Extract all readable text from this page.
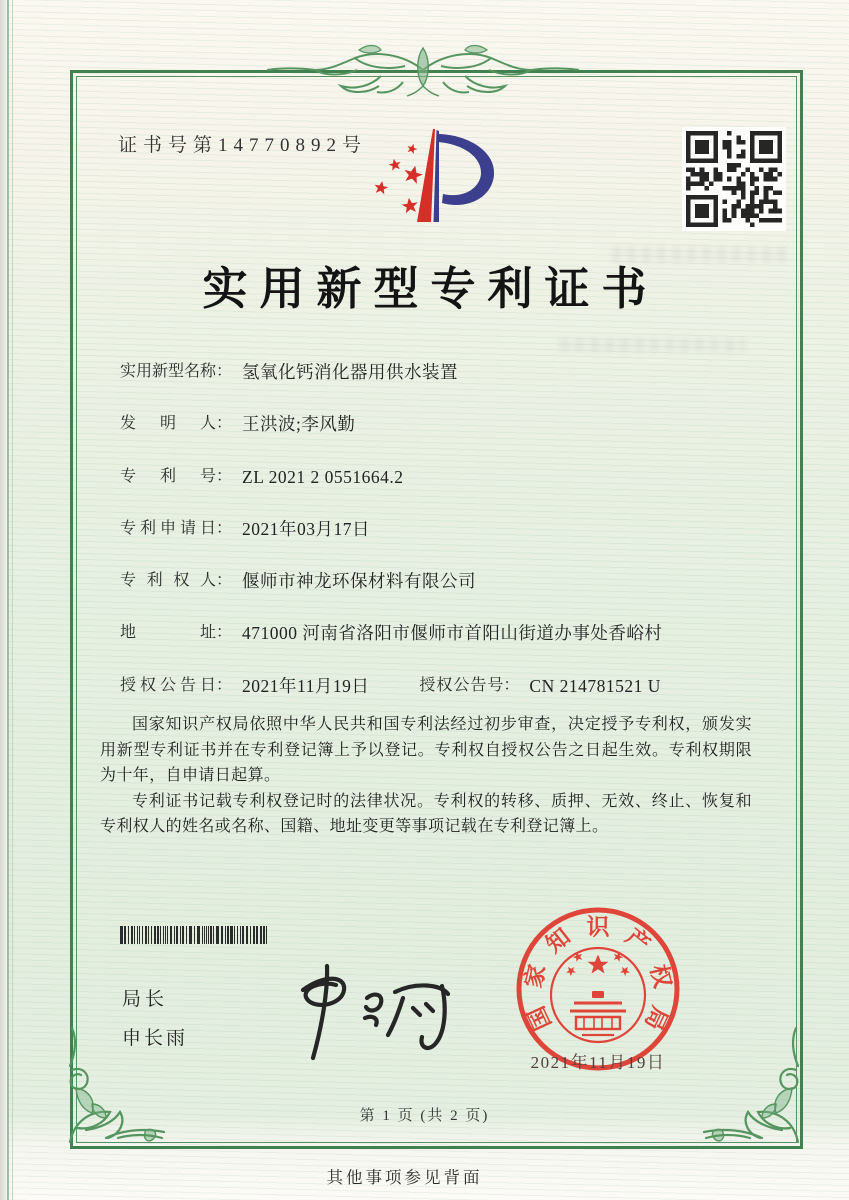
证书号第14770892号
实用新型专利证书
实用新型名称 ： 氢氧化钙消化器用供水装置
发明人 ： 王洪波;李风勤
专利号 ： ZL 2021 2 0551664.2
专利申请日 ： 2021年03月17日
专利权人 ： 偃师市神龙环保材料有限公司
地址 ： 471000 河南省洛阳市偃师市首阳山街道办事处香峪村
授权公告日 ： 2021年11月19日	授权公告号 ： CN 214781521 U

国家知识产权局依照中华人民共和国专利法经过初步审查，决定授予专利权，颁发实用新型专利证书并在专利登记簿上予以登记。专利权自授权公告之日起生效。专利权期限为十年，自申请日起算。

专利证书记载专利权登记时的法律状况。专利权的转移、质押、无效、终止、恢复和专利权人的姓名或名称、国籍、地址变更等事项记载在专利登记簿上。

局长
申长雨
国
家
知 识 产
权
局
2021年11月19日
第 1 页 (共 2 页)
其他事项参见背面
